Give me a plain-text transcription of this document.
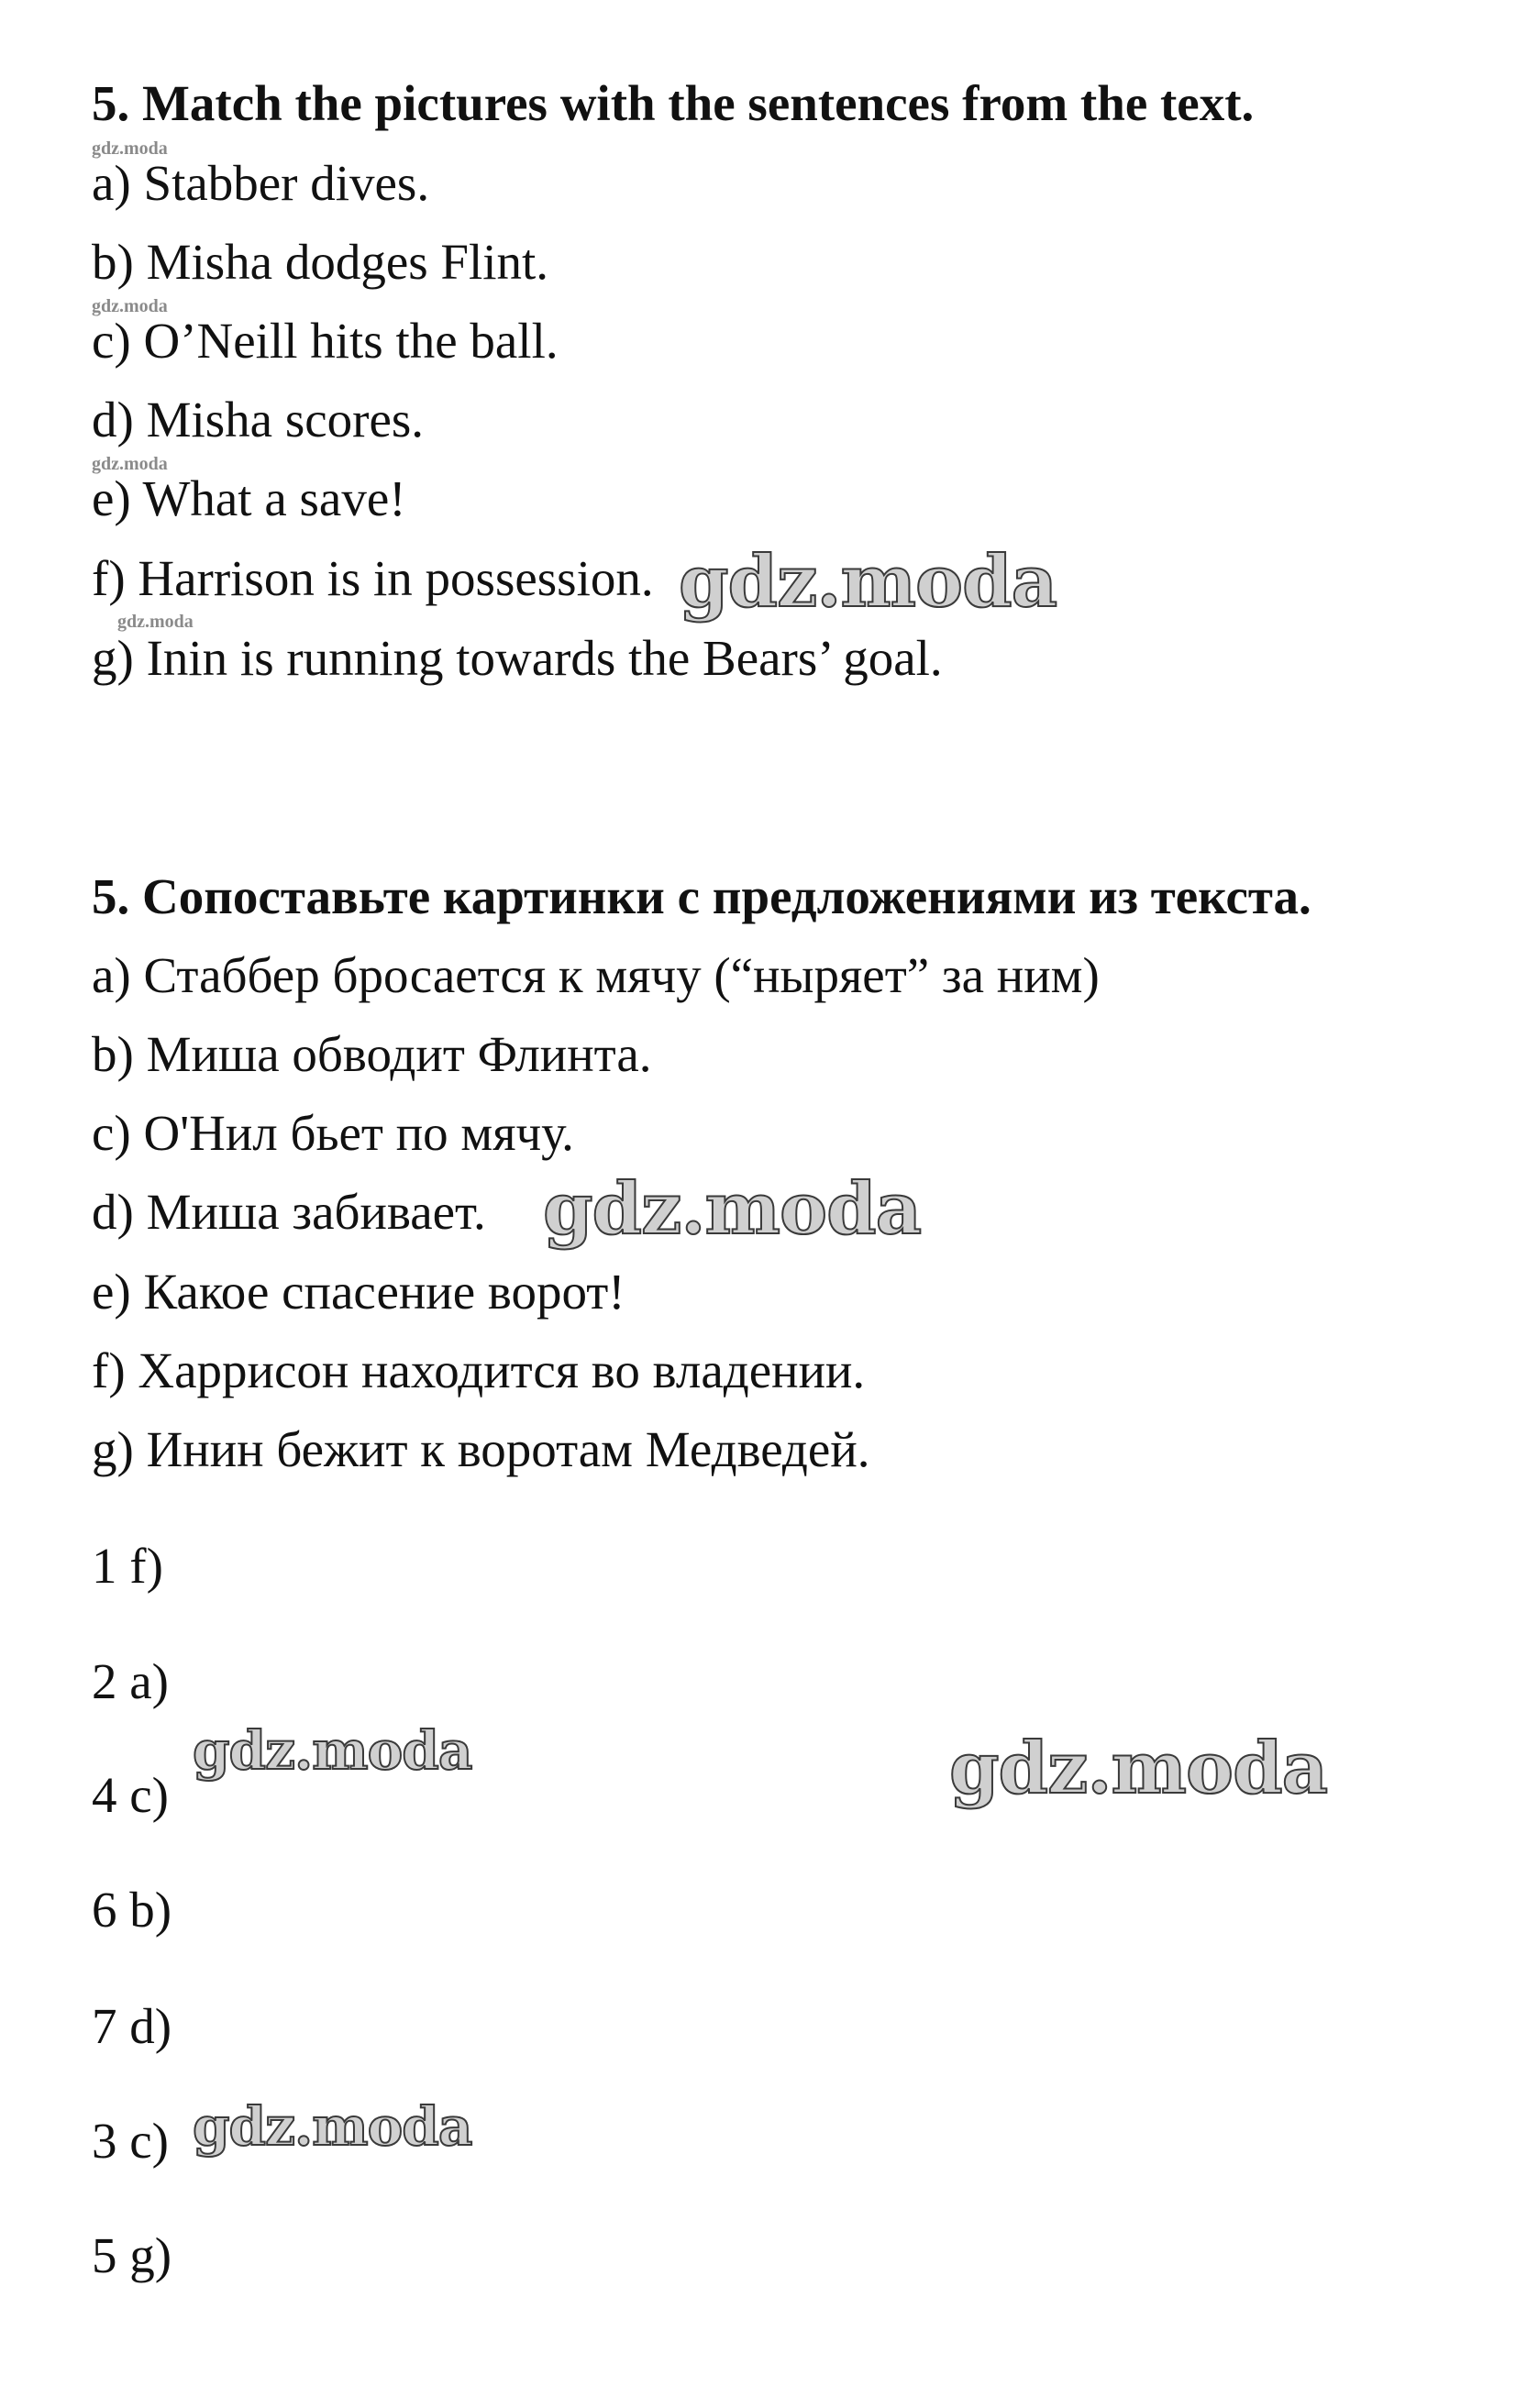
5. Match the pictures with the sentences from the text.
a) Stabber dives.
b) Misha dodges Flint.
c) O’Neill hits the ball.
d) Misha scores.
e) What a save!
f) Harrison is in possession.
g) Inin is running towards the Bears’ goal.
5. Сопоставьте картинки с предложениями из текста.
a) Стаббер бросается к мячу (“ныряет” за ним)
b) Миша обводит Флинта.
c) О'Нил бьет по мячу.
d) Миша забивает.
e) Какое спасение ворот!
f) Харрисон находится во владении.
g) Инин бежит к воротам Медведей.
1 f)
2 a)
4 c)
6 b)
7 d)
3 c)
5 g)
gdz.moda
gdz.moda
gdz.moda
gdz.moda	gdz.moda
gdz.moda
gdz.moda	gdz.moda
gdz.moda
